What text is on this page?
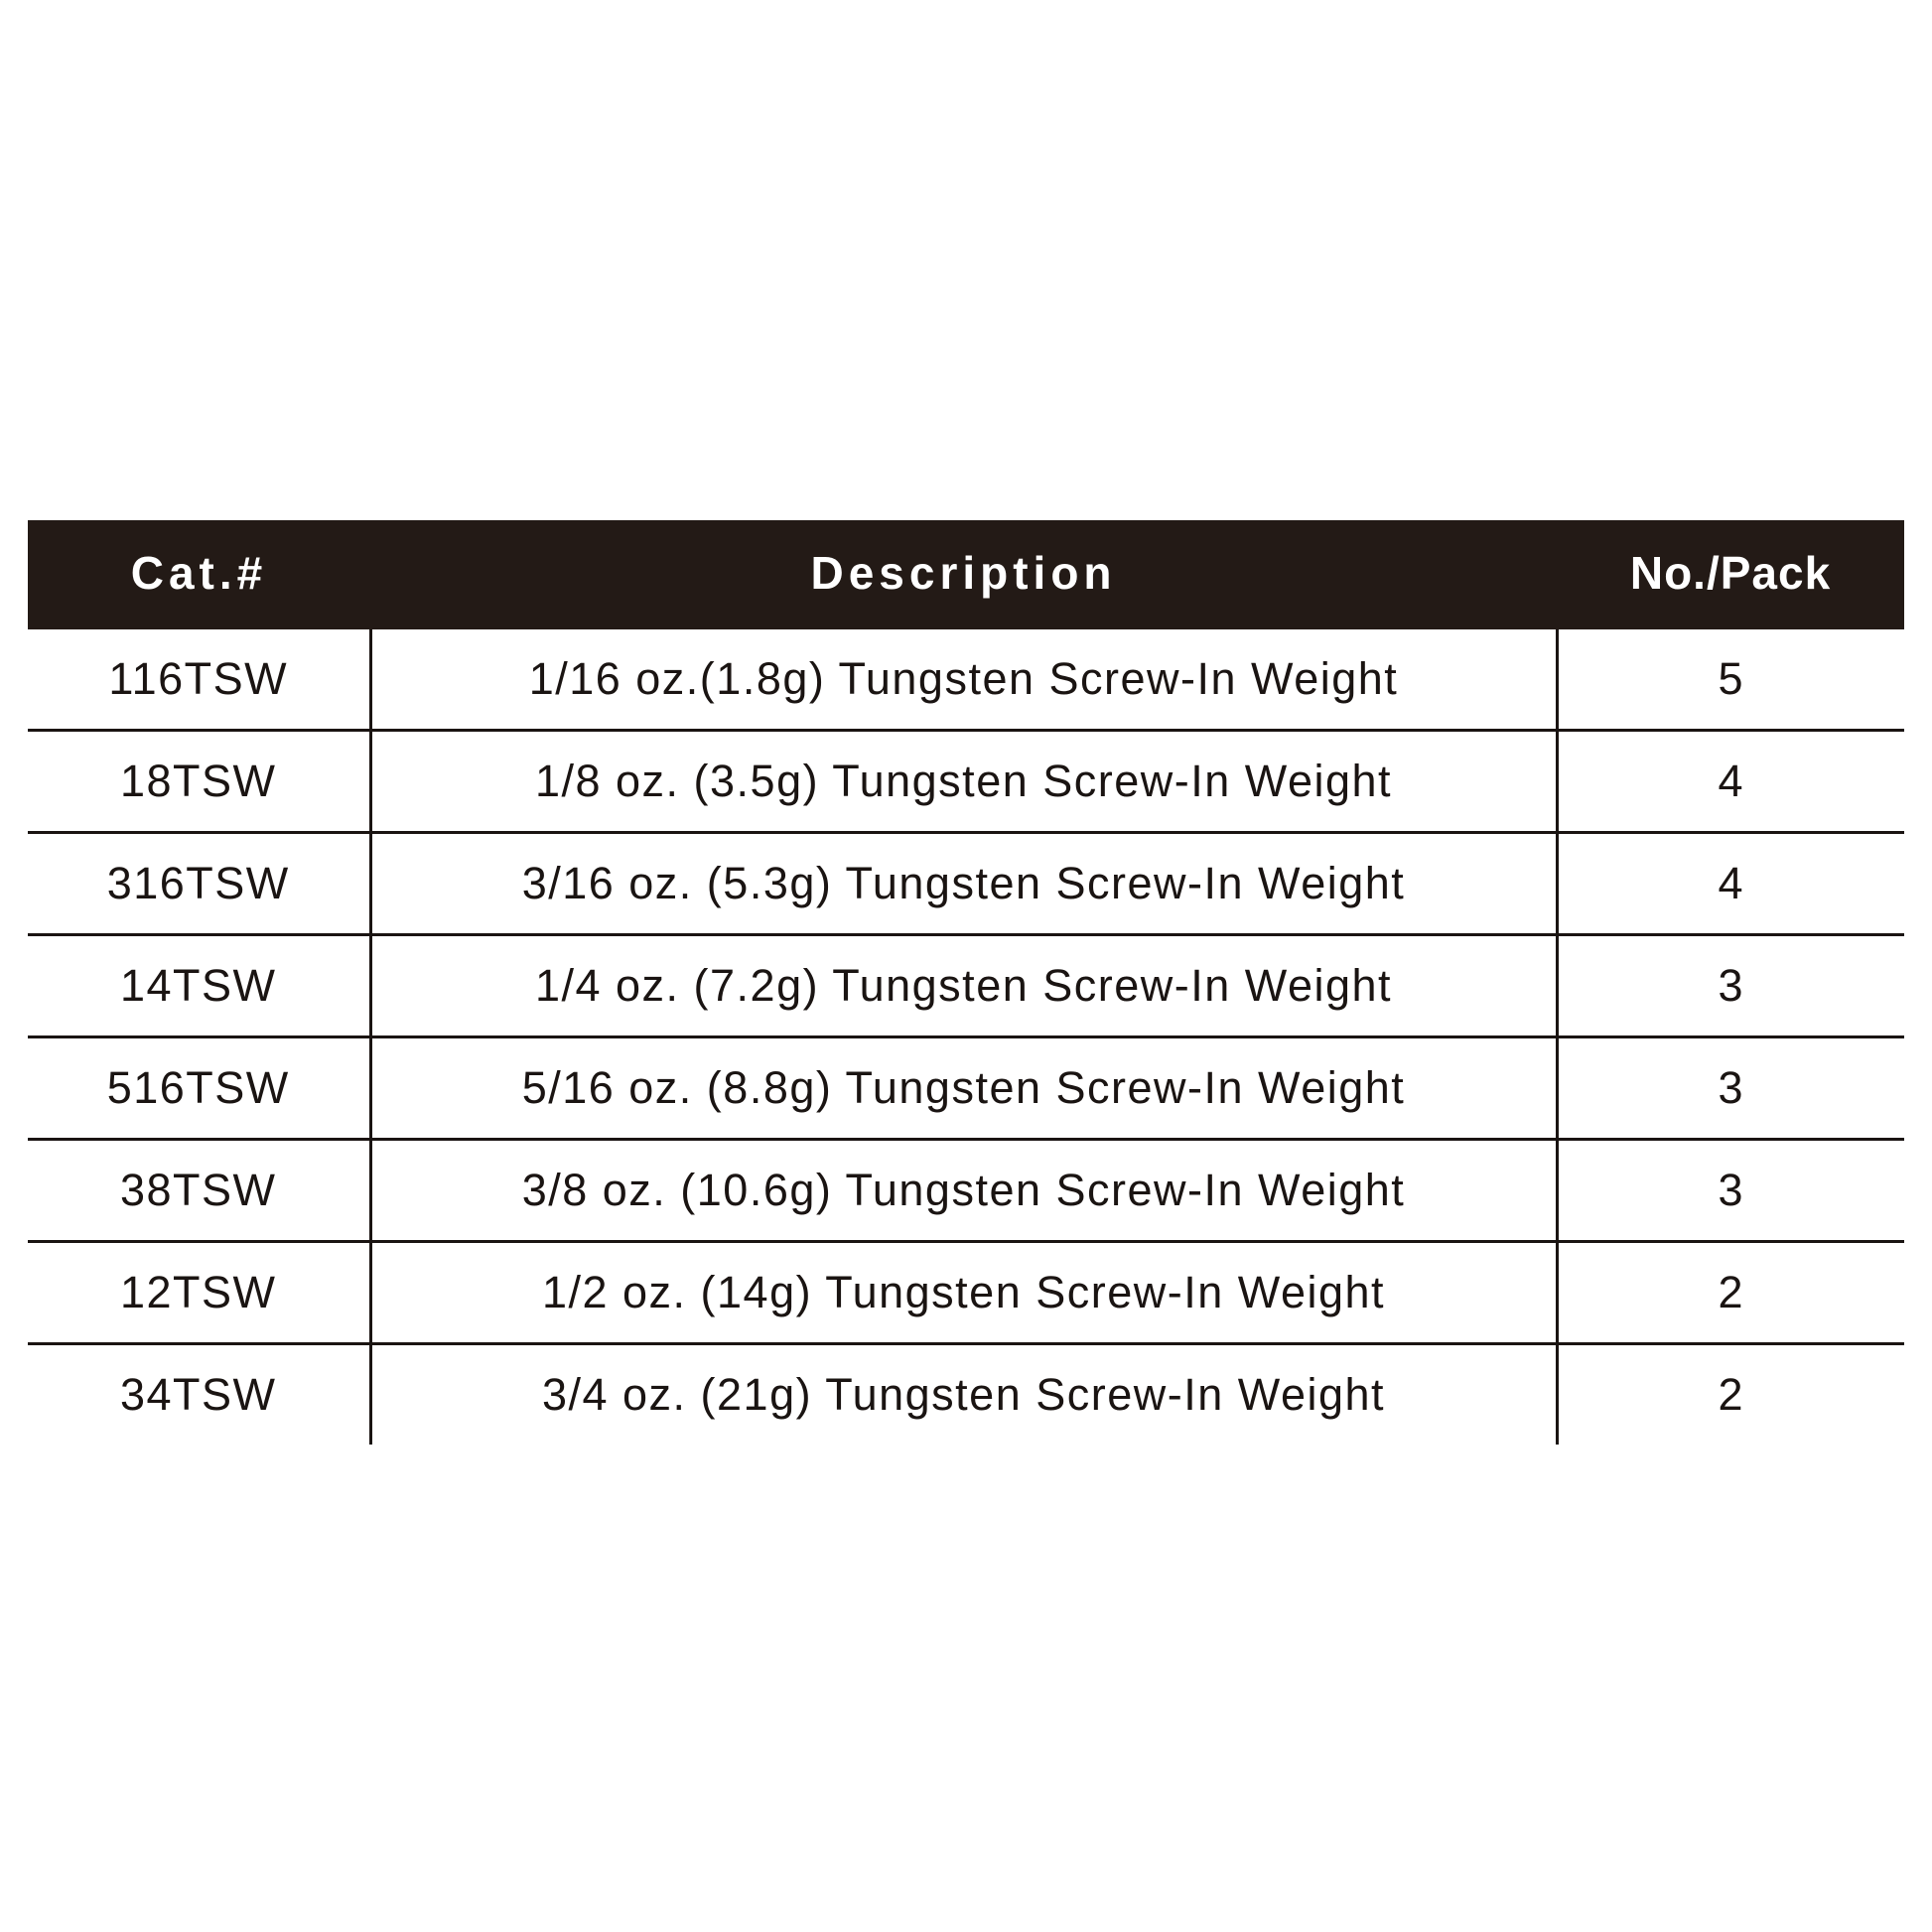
Cat.#	Description	No./Pack
116TSW	1/16 oz.(1.8g) Tungsten Screw-In Weight	5
18TSW	1/8 oz. (3.5g) Tungsten Screw-In Weight	4
316TSW	3/16 oz. (5.3g) Tungsten Screw-In Weight	4
14TSW	1/4 oz. (7.2g) Tungsten Screw-In Weight	3
516TSW	5/16 oz. (8.8g) Tungsten Screw-In Weight	3
38TSW	3/8 oz. (10.6g) Tungsten Screw-In Weight	3
12TSW	1/2 oz. (14g) Tungsten Screw-In Weight	2
34TSW	3/4 oz. (21g) Tungsten Screw-In Weight	2
